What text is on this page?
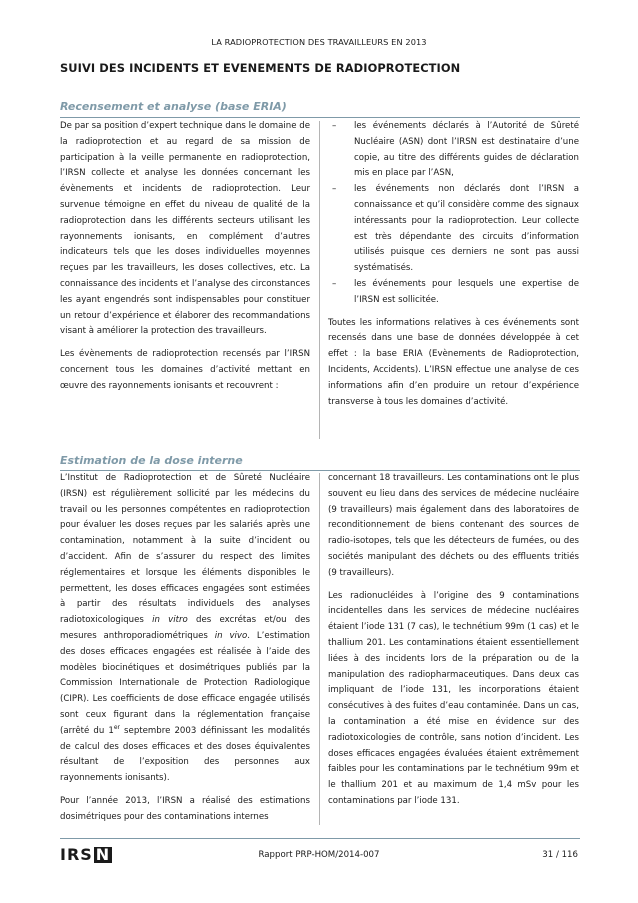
LA RADIOPROTECTION DES TRAVAILLEURS EN 2013
SUIVI DES INCIDENTS ET EVENEMENTS DE RADIOPROTECTION
Recensement et analyse (base ERIA)

De par sa position d’expert technique dans le domaine de la radioprotection et au regard de sa mission de participation à la veille permanente en radioprotection, l’IRSN collecte et analyse les données concernant les évènements et incidents de radioprotection. Leur survenue témoigne en effet du niveau de qualité de la radioprotection dans les différents secteurs utilisant les rayonnements ionisants, en complément d’autres indicateurs tels que les doses individuelles moyennes reçues par les travailleurs, les doses collectives, etc. La connaissance des incidents et l’analyse des circonstances les ayant engendrés sont indispensables pour constituer un retour d’expérience et élaborer des recommandations visant à améliorer la protection des travailleurs.

Les évènements de radioprotection recensés par l’IRSN concernent tous les domaines d’activité mettant en œuvre des rayonnements ionisants et recouvrent :

– les événements déclarés à l’Autorité de Sûreté Nucléaire (ASN) dont l’IRSN est destinataire d’une copie, au titre des différents guides de déclaration mis en place par l’ASN,
– les événements non déclarés dont l’IRSN a connaissance et qu’il considère comme des signaux intéressants pour la radioprotection. Leur collecte est très dépendante des circuits d’information utilisés puisque ces derniers ne sont pas aussi systématisés.
– les événements pour lesquels une expertise de l’IRSN est sollicitée.

Toutes les informations relatives à ces événements sont recensés dans une base de données développée à cet effet : la base ERIA (Evènements de Radioprotection, Incidents, Accidents). L’IRSN effectue une analyse de ces informations afin d’en produire un retour d’expérience transverse à tous les domaines d’activité.

Estimation de la dose interne

L’Institut de Radioprotection et de Sûreté Nucléaire (IRSN) est régulièrement sollicité par les médecins du travail ou les personnes compétentes en radioprotection pour évaluer les doses reçues par les salariés après une contamination, notamment à la suite d’incident ou d’accident. Afin de s’assurer du respect des limites réglementaires et lorsque les éléments disponibles le permettent, les doses efficaces engagées sont estimées à partir des résultats individuels des analyses radiotoxicologiques in vitro des excrétas et/ou des mesures anthroporadiométriques in vivo. L’estimation des doses efficaces engagées est réalisée à l’aide des modèles biocinétiques et dosimétriques publiés par la Commission Internationale de Protection Radiologique (CIPR). Les coefficients de dose efficace engagée utilisés sont ceux figurant dans la réglementation française (arrêté du 1er septembre 2003 définissant les modalités de calcul des doses efficaces et des doses équivalentes résultant de l’exposition des personnes aux rayonnements ionisants).

Pour l’année 2013, l’IRSN a réalisé des estimations dosimétriques pour des contaminations internes

concernant 18 travailleurs. Les contaminations ont le plus souvent eu lieu dans des services de médecine nucléaire (9 travailleurs) mais également dans des laboratoires de reconditionnement de biens contenant des sources de radio-isotopes, tels que les détecteurs de fumées, ou des sociétés manipulant des déchets ou des effluents tritiés (9 travailleurs).

Les radionucléides à l’origine des 9 contaminations incidentelles dans les services de médecine nucléaires étaient l’iode 131 (7 cas), le technétium 99m (1 cas) et le thallium 201. Les contaminations étaient essentiellement liées à des incidents lors de la préparation ou de la manipulation des radiopharmaceutiques. Dans deux cas impliquant de l’iode 131, les incorporations étaient consécutives à des fuites d’eau contaminée. Dans un cas, la contamination a été mise en évidence sur des radiotoxicologies de contrôle, sans notion d’incident. Les doses efficaces engagées évaluées étaient extrêmement faibles pour les contaminations par le technétium 99m et le thallium 201 et au maximum de 1,4 mSv pour les contaminations par l’iode 131.

IRS N	Rapport PRP-HOM/2014-007	31 / 116
